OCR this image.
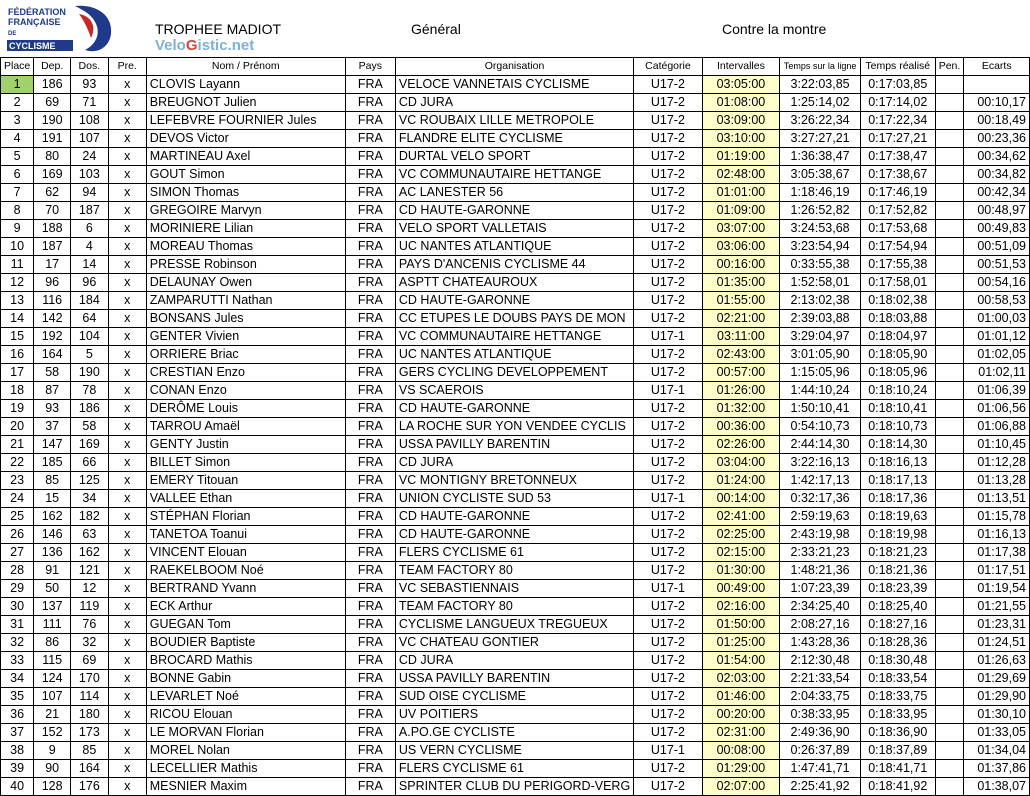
FÉDÉRATION
FRANÇAISE
DE
CYCLISME
TROPHEE MADIOT
VeloGistic.net
Général	Contre la montre
Place	Dep.	Dos.	Pre.	Nom / Prénom	Pays	Organisation	Catégorie	Intervalles	Temps sur la ligne	Temps réalisé	Pen.	Ecarts
1	186	93	x	CLOVIS Layann	FRA	VELOCE VANNETAIS CYCLISME	U17-2	03:05:00	3:22:03,85	0:17:03,85		
2	69	71	x	BREUGNOT Julien	FRA	CD JURA	U17-2	01:08:00	1:25:14,02	0:17:14,02		00:10,17
3	190	108	x	LEFEBVRE FOURNIER Jules	FRA	VC ROUBAIX LILLE METROPOLE	U17-2	03:09:00	3:26:22,34	0:17:22,34		00:18,49
4	191	107	x	DEVOS Victor	FRA	FLANDRE ELITE CYCLISME	U17-2	03:10:00	3:27:27,21	0:17:27,21		00:23,36
5	80	24	x	MARTINEAU Axel	FRA	DURTAL VELO SPORT	U17-2	01:19:00	1:36:38,47	0:17:38,47		00:34,62
6	169	103	x	GOUT Simon	FRA	VC COMMUNAUTAIRE HETTANGE	U17-2	02:48:00	3:05:38,67	0:17:38,67		00:34,82
7	62	94	x	SIMON Thomas	FRA	AC LANESTER 56	U17-2	01:01:00	1:18:46,19	0:17:46,19		00:42,34
8	70	187	x	GREGOIRE Marvyn	FRA	CD HAUTE-GARONNE	U17-2	01:09:00	1:26:52,82	0:17:52,82		00:48,97
9	188	6	x	MORINIERE Lilian	FRA	VELO SPORT VALLETAIS	U17-2	03:07:00	3:24:53,68	0:17:53,68		00:49,83
10	187	4	x	MOREAU Thomas	FRA	UC NANTES ATLANTIQUE	U17-2	03:06:00	3:23:54,94	0:17:54,94		00:51,09
11	17	14	x	PRESSE Robinson	FRA	PAYS D'ANCENIS CYCLISME 44	U17-2	00:16:00	0:33:55,38	0:17:55,38		00:51,53
12	96	96	x	DELAUNAY Owen	FRA	ASPTT CHATEAUROUX	U17-2	01:35:00	1:52:58,01	0:17:58,01		00:54,16
13	116	184	x	ZAMPARUTTI Nathan	FRA	CD HAUTE-GARONNE	U17-2	01:55:00	2:13:02,38	0:18:02,38		00:58,53
14	142	64	x	BONSANS Jules	FRA	CC ETUPES LE DOUBS PAYS DE MON	U17-2	02:21:00	2:39:03,88	0:18:03,88		01:00,03
15	192	104	x	GENTER Vivien	FRA	VC COMMUNAUTAIRE HETTANGE	U17-1	03:11:00	3:29:04,97	0:18:04,97		01:01,12
16	164	5	x	ORRIERE Briac	FRA	UC NANTES ATLANTIQUE	U17-2	02:43:00	3:01:05,90	0:18:05,90		01:02,05
17	58	190	x	CRESTIAN Enzo	FRA	GERS CYCLING DEVELOPPEMENT	U17-2	00:57:00	1:15:05,96	0:18:05,96		01:02,11
18	87	78	x	CONAN Enzo	FRA	VS SCAEROIS	U17-1	01:26:00	1:44:10,24	0:18:10,24		01:06,39
19	93	186	x	DERÔME Louis	FRA	CD HAUTE-GARONNE	U17-2	01:32:00	1:50:10,41	0:18:10,41		01:06,56
20	37	58	x	TARROU Amaël	FRA	LA ROCHE SUR YON VENDEE CYCLIS	U17-2	00:36:00	0:54:10,73	0:18:10,73		01:06,88
21	147	169	x	GENTY Justin	FRA	USSA PAVILLY BARENTIN	U17-2	02:26:00	2:44:14,30	0:18:14,30		01:10,45
22	185	66	x	BILLET Simon	FRA	CD JURA	U17-2	03:04:00	3:22:16,13	0:18:16,13		01:12,28
23	85	125	x	EMERY Titouan	FRA	VC MONTIGNY BRETONNEUX	U17-2	01:24:00	1:42:17,13	0:18:17,13		01:13,28
24	15	34	x	VALLEE Ethan	FRA	UNION CYCLISTE SUD 53	U17-1	00:14:00	0:32:17,36	0:18:17,36		01:13,51
25	162	182	x	STÉPHAN Florian	FRA	CD HAUTE-GARONNE	U17-2	02:41:00	2:59:19,63	0:18:19,63		01:15,78
26	146	63	x	TANETOA Toanui	FRA	CD HAUTE-GARONNE	U17-2	02:25:00	2:43:19,98	0:18:19,98		01:16,13
27	136	162	x	VINCENT Elouan	FRA	FLERS CYCLISME 61	U17-2	02:15:00	2:33:21,23	0:18:21,23		01:17,38
28	91	121	x	RAEKELBOOM Noé	FRA	TEAM FACTORY 80	U17-2	01:30:00	1:48:21,36	0:18:21,36		01:17,51
29	50	12	x	BERTRAND Yvann	FRA	VC SEBASTIENNAIS	U17-1	00:49:00	1:07:23,39	0:18:23,39		01:19,54
30	137	119	x	ECK Arthur	FRA	TEAM FACTORY 80	U17-2	02:16:00	2:34:25,40	0:18:25,40		01:21,55
31	111	76	x	GUEGAN Tom	FRA	CYCLISME LANGUEUX TREGUEUX	U17-2	01:50:00	2:08:27,16	0:18:27,16		01:23,31
32	86	32	x	BOUDIER Baptiste	FRA	VC CHATEAU GONTIER	U17-2	01:25:00	1:43:28,36	0:18:28,36		01:24,51
33	115	69	x	BROCARD Mathis	FRA	CD JURA	U17-2	01:54:00	2:12:30,48	0:18:30,48		01:26,63
34	124	170	x	BONNE Gabin	FRA	USSA PAVILLY BARENTIN	U17-2	02:03:00	2:21:33,54	0:18:33,54		01:29,69
35	107	114	x	LEVARLET Noé	FRA	SUD OISE CYCLISME	U17-2	01:46:00	2:04:33,75	0:18:33,75		01:29,90
36	21	180	x	RICOU Elouan	FRA	UV POITIERS	U17-2	00:20:00	0:38:33,95	0:18:33,95		01:30,10
37	152	173	x	LE MORVAN Florian	FRA	A.PO.GE CYCLISTE	U17-2	02:31:00	2:49:36,90	0:18:36,90		01:33,05
38	9	85	x	MOREL Nolan	FRA	US VERN CYCLISME	U17-1	00:08:00	0:26:37,89	0:18:37,89		01:34,04
39	90	164	x	LECELLIER Mathis	FRA	FLERS CYCLISME 61	U17-2	01:29:00	1:47:41,71	0:18:41,71		01:37,86
40	128	176	x	MESNIER Maxim	FRA	SPRINTER CLUB DU PERIGORD-VERG	U17-2	02:07:00	2:25:41,92	0:18:41,92		01:38,07
